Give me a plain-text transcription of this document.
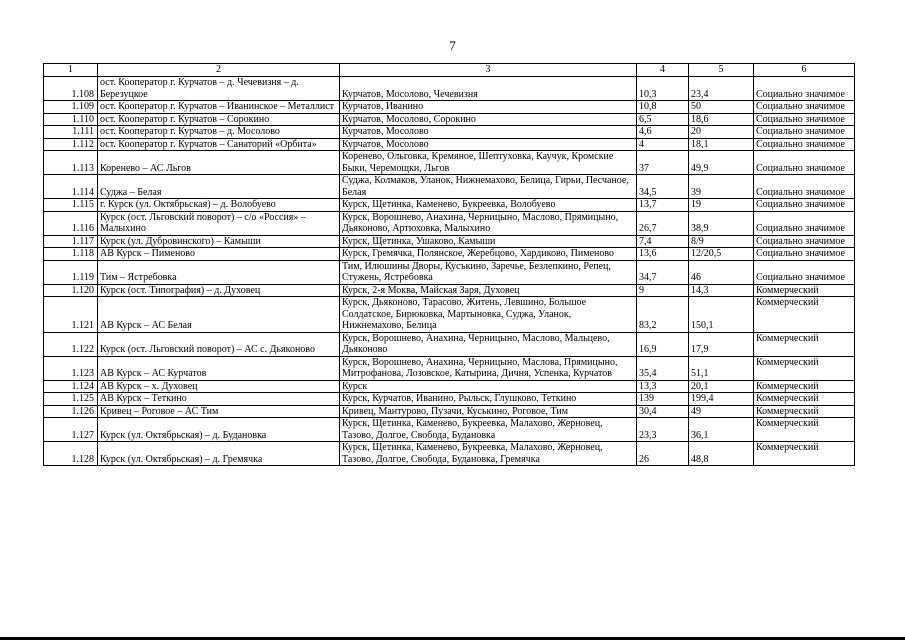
7
1	2	3	4	5	6
1.108	ост. Кооператор г. Курчатов – д. Чечевизня – д. Березуцкое	Курчатов, Мосолово, Чечевизня	10,3	23,4	Социально значимое
1.109	ост. Кооператор г. Курчатов – Иванинское – Металлист	Курчатов, Иванино	10,8	50	Социально значимое
1.110	ост. Кооператор г. Курчатов – Сорокино	Курчатов, Мосолово, Сорокино	6,5	18,6	Социально значимое
1.111	ост. Кооператор г. Курчатов – д. Мосолово	Курчатов, Мосолово	4,6	20	Социально значимое
1.112	ост. Кооператор г. Курчатов – Санаторий «Орбита»	Курчатов, Мосолово	4	18,1	Социально значимое
1.113	Коренево – АС Льгов	Коренево, Ольговка, Кремяное, Шептуховка, Каучук, Кромские Быки, Черемощки, Льгов	37	49,9	Социально значимое
1.114	Суджа – Белая	Суджа, Колмаков, Уланок, Нижнемахово, Белица, Гирьи, Песчаное, Белая	34,5	39	Социально значимое
1.115	г. Курск (ул. Октябрьская) – д. Волобуево	Курск, Щетинка, Каменево, Букреевка, Волобуево	13,7	19	Социально значимое
1.116	Курск (ост. Льговский поворот) – с/о «Россия» – Малыхино	Курск, Ворошнево, Анахина, Черницыно, Маслово, Прямицыно, Дьяконово, Артюховка, Малыхино	26,7	38,9	Социально значимое
1.117	Курск (ул. Дубровинского) – Камыши	Курск, Щетинка, Ушаково, Камыши	7,4	8/9	Социально значимое
1.118	АВ Курск – Пименово	Курск, Гремячка, Полянское, Жеребцово, Хардиково, Пименово	13,6	12/20,5	Социально значимое
1.119	Тим – Ястребовка	Тим, Илюшины Дворы, Кусъкино, Заречье, Безлепкино, Репец, Стужень, Ястребовка	34,7	46	Социально значимое
1.120	Курск (ост. Типография) – д. Духовец	Курск, 2-я Моква, Майская Заря, Духовец	9	14,3	Коммерческий
1.121	АВ Курск – АС Белая	Курск, Дьяконово, Тарасово, Житень, Левшино, Большое Солдатское, Бирюковка, Мартыновка, Суджа, Уланок, Нижнемахово, Белица	83,2	150,1	Коммерческий
1.122	Курск (ост. Льговский поворот) – АС с. Дьяконово	Курск, Ворошнево, Анахина, Черницыно, Маслово, Мальцево, Дьяконово	16,9	17,9	Коммерческий
1.123	АВ Курск – АС Курчатов	Курск, Ворошнево, Анахина, Черницыно, Маслова, Прямицыно, Митрофанова, Лозовское, Катырина, Дичня, Успенка, Курчатов	35,4	51,1	Коммерческий
1.124	АВ Курск – х. Духовец	Курск	13,3	20,1	Коммерческий
1.125	АВ Курск – Теткино	Курск, Курчатов, Иванино, Рыльск, Глушково, Теткино	139	199,4	Коммерческий
1.126	Кривец – Роговое – АС Тим	Кривец, Мантурово, Пузачи, Куськино, Роговое, Тим	30,4	49	Коммерческий
1.127	Курск (ул. Октябрьская) – д. Будановка	Курск, Щетинка, Каменево, Букреевка, Малахово, Жерновец, Тазово, Долгое, Свобода, Будановка	23,3	36,1	Коммерческий
1.128	Курск (ул. Октябрьская) – д. Гремячка	Курск, Щетинка, Каменево, Букреевка, Малахово, Жерновец, Тазово, Долгое, Свобода, Будановка, Гремячка	26	48,8	Коммерческий
